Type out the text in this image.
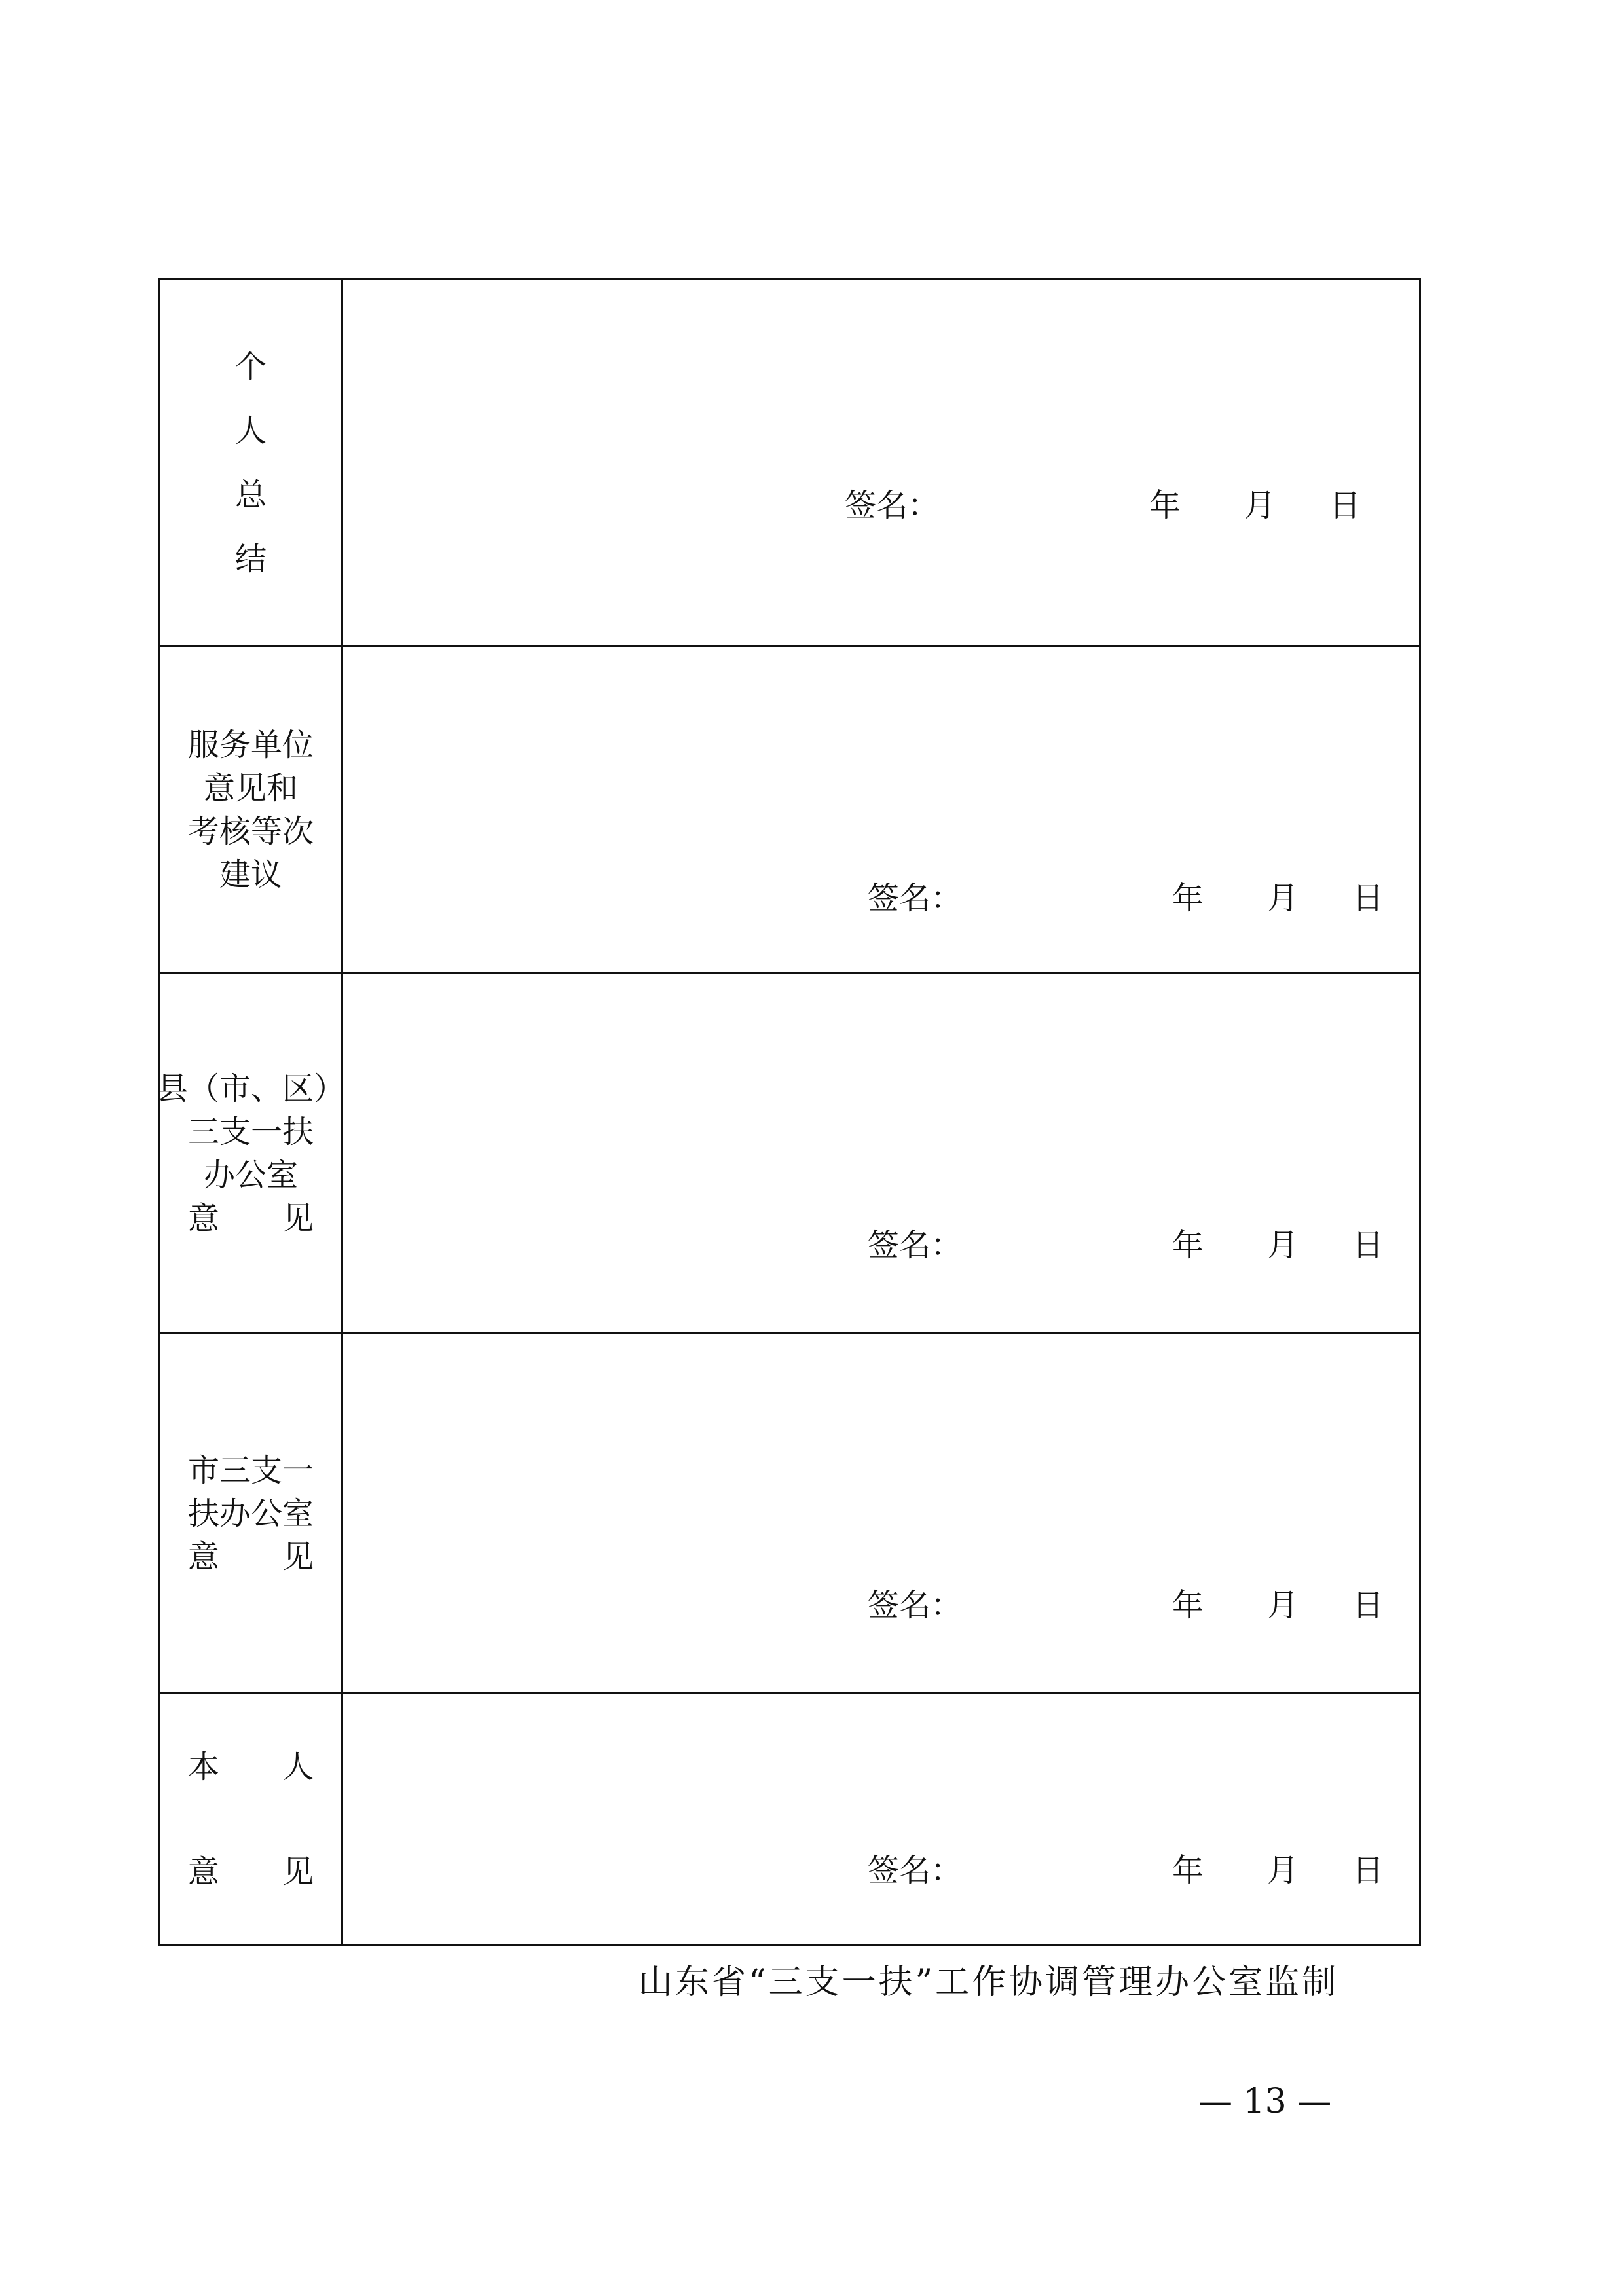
个
人
总
结
签名：	年 月 日
服务单位
意见和
考核等次
建议
签名：	年 月 日
县（市、区）
三支一扶
办公室
意　　见
签名：	年 月 日
市三支一
扶办公室
意　　见
签名：	年 月 日
本　　人
意　　见	签名：	年 月 日
山东省“三支一扶”工作协调管理办公室监制
— 13 —
